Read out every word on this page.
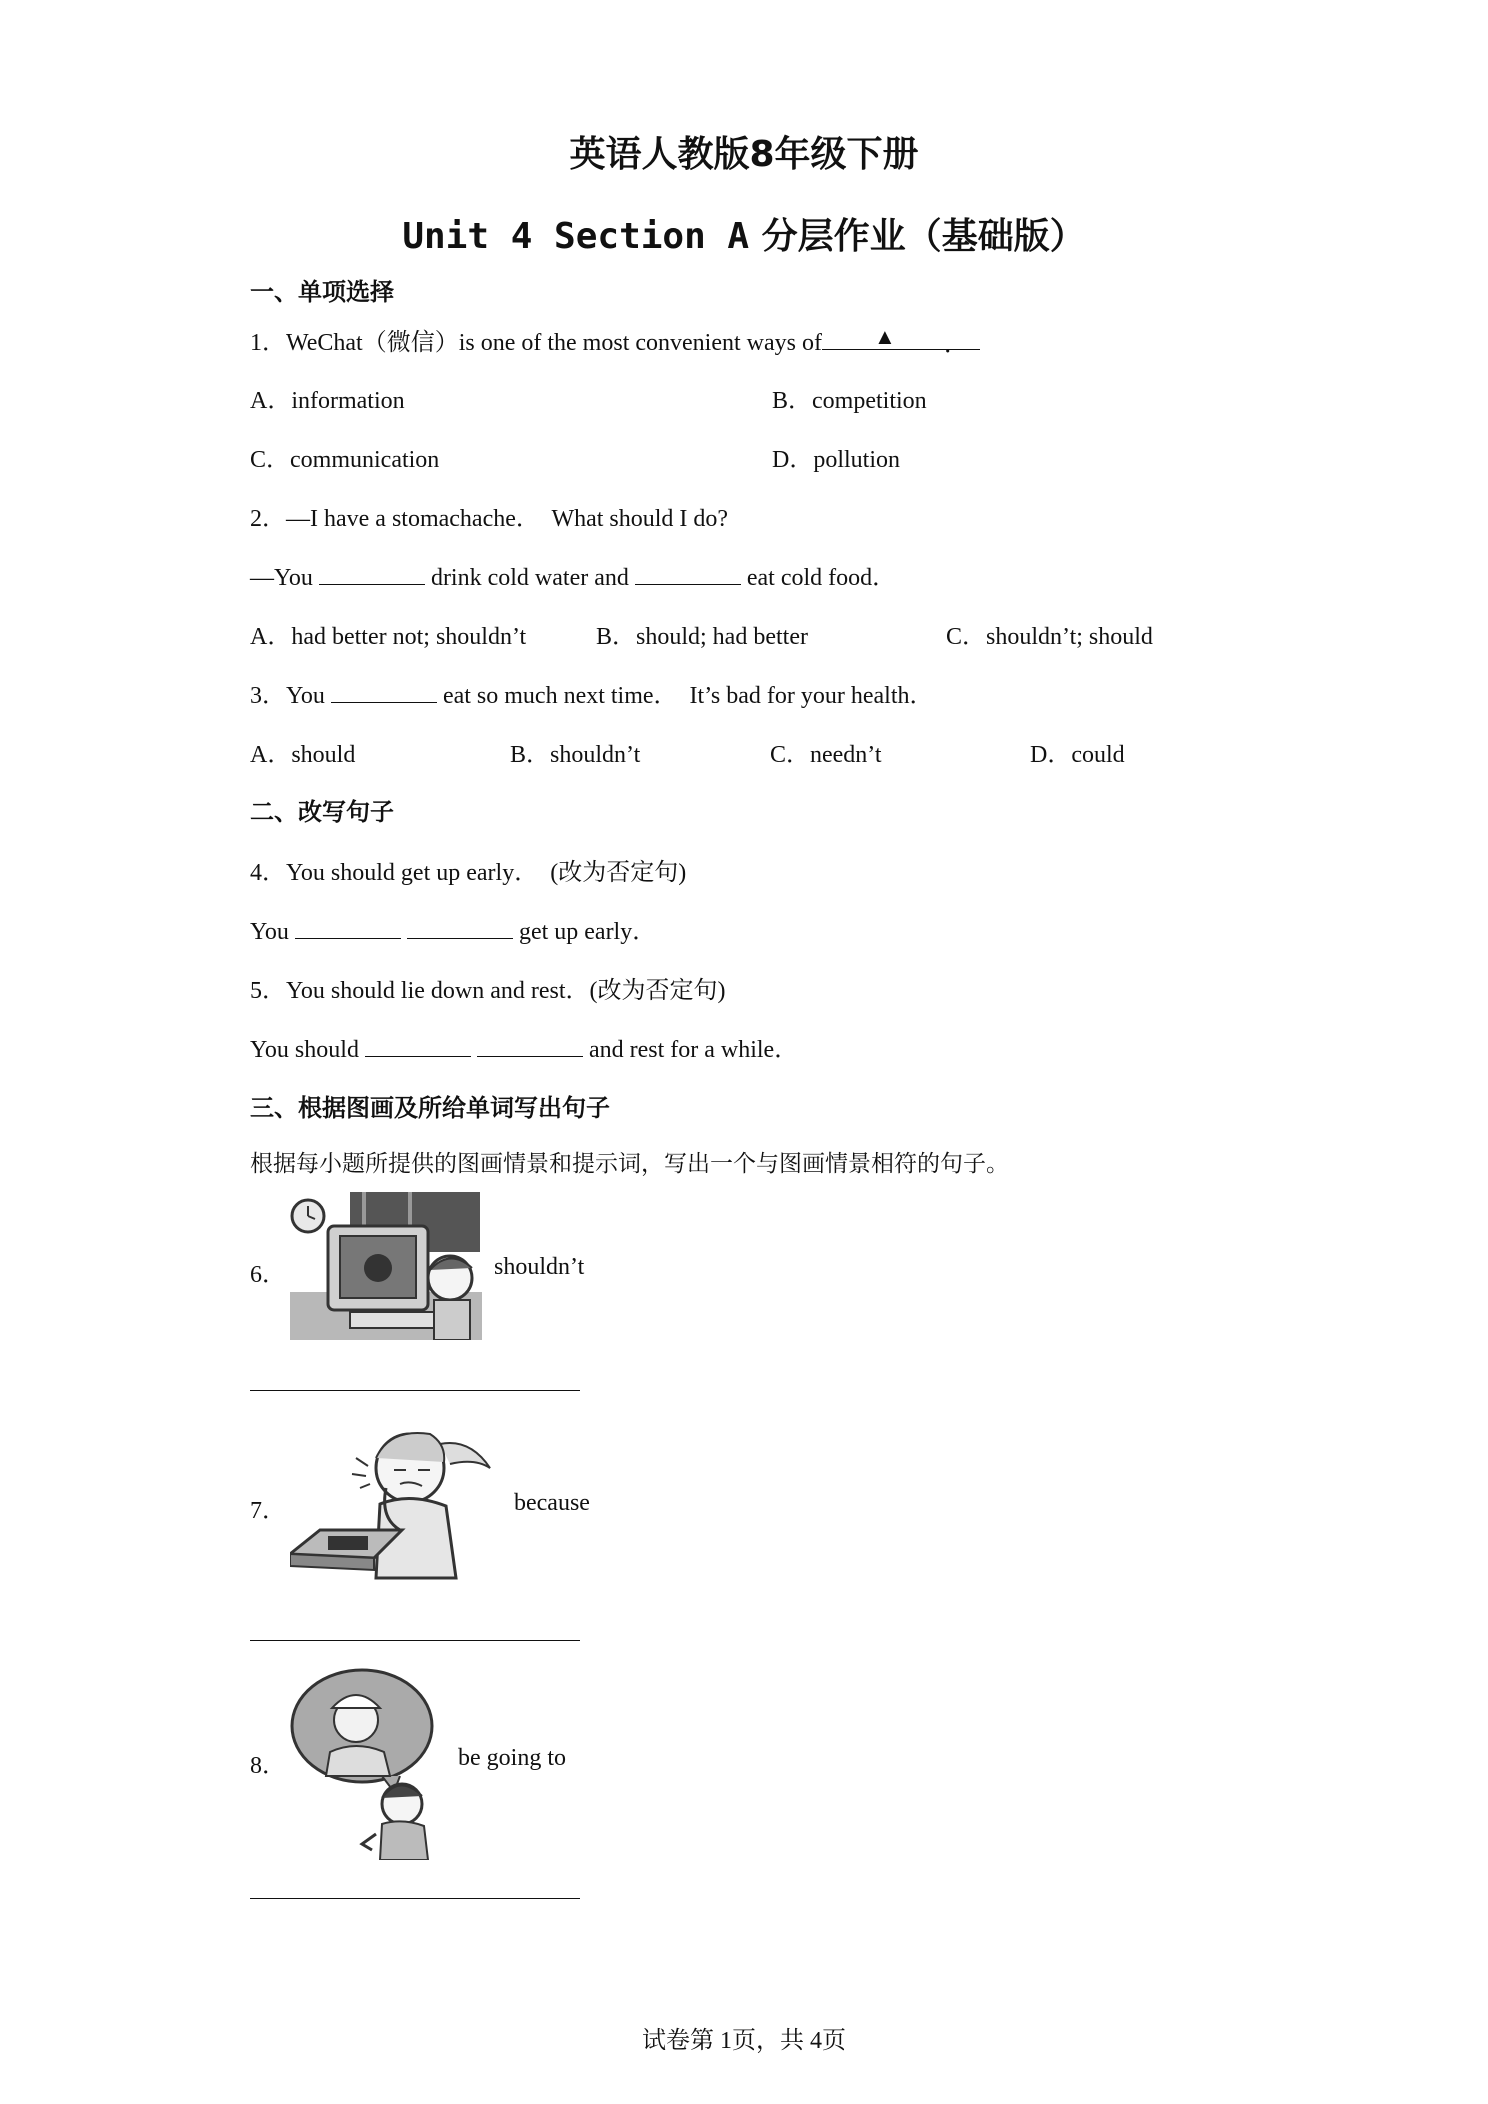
英语人教版8年级下册
Unit 4 Section A 分层作业（基础版）
一、单项选择
1．WeChat（微信）is one of the most convenient ways of ▲ ．
A．information	B．competition
C．communication	D．pollution
2．—I have a stomachache．  What should I do?
—You	drink cold water and	eat cold food．
A．had better not; shouldn’t	B．should; had better	C．shouldn’t; should
3．You	eat so much next time．  It’s bad for your health．
A．should	B．shouldn’t	C．needn’t	D．could
二、改写句子
4．You should get up early．  (改为否定句)
You	get up early．
5．You should lie down and rest．(改为否定句)
You should	and rest for a while．
三、根据图画及所给单词写出句子
根据每小题所提供的图画情景和提示词，写出一个与图画情景相符的句子。
6．	shouldn’t
7．	because
8．	be going to
试卷第 1页，共 4页
